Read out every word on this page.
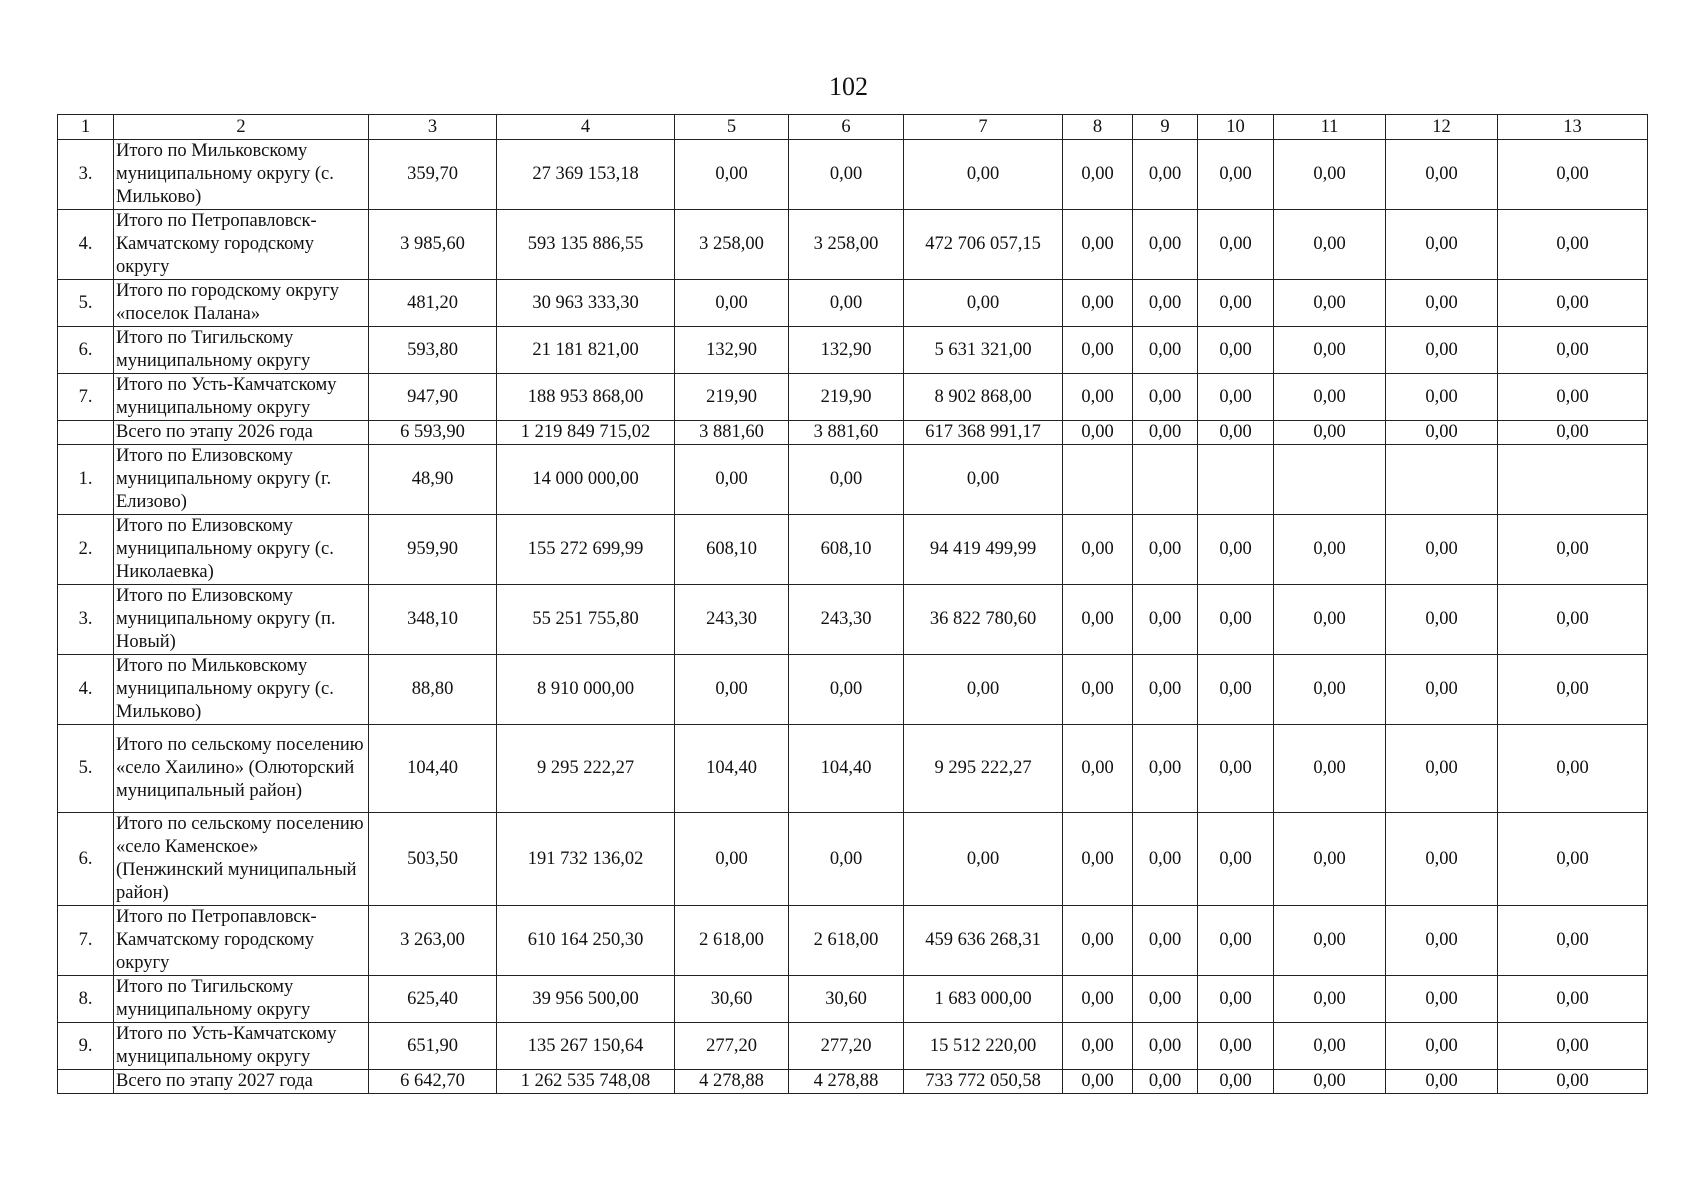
102
1	2	3	4	5	6	7	8	9	10	11	12	13
3.	Итого по Мильковскому муниципальному округу (с. Мильково)	359,70	27 369 153,18	0,00	0,00	0,00	0,00	0,00	0,00	0,00	0,00	0,00
4.	Итого по Петропавловск-Камчатскому городскому округу	3 985,60	593 135 886,55	3 258,00	3 258,00	472 706 057,15	0,00	0,00	0,00	0,00	0,00	0,00
5.	Итого по городскому округу «поселок Палана»	481,20	30 963 333,30	0,00	0,00	0,00	0,00	0,00	0,00	0,00	0,00	0,00
6.	Итого по Тигильскому муниципальному округу	593,80	21 181 821,00	132,90	132,90	5 631 321,00	0,00	0,00	0,00	0,00	0,00	0,00
7.	Итого по Усть-Камчатскому муниципальному округу	947,90	188 953 868,00	219,90	219,90	8 902 868,00	0,00	0,00	0,00	0,00	0,00	0,00
	Всего по этапу 2026 года	6 593,90	1 219 849 715,02	3 881,60	3 881,60	617 368 991,17	0,00	0,00	0,00	0,00	0,00	0,00
1.	Итого по Елизовскому муниципальному округу (г. Елизово)	48,90	14 000 000,00	0,00	0,00	0,00						
2.	Итого по Елизовскому муниципальному округу (с. Николаевка)	959,90	155 272 699,99	608,10	608,10	94 419 499,99	0,00	0,00	0,00	0,00	0,00	0,00
3.	Итого по Елизовскому муниципальному округу (п. Новый)	348,10	55 251 755,80	243,30	243,30	36 822 780,60	0,00	0,00	0,00	0,00	0,00	0,00
4.	Итого по Мильковскому муниципальному округу (с. Мильково)	88,80	8 910 000,00	0,00	0,00	0,00	0,00	0,00	0,00	0,00	0,00	0,00
5.	Итого по сельскому поселению «село Хаилино» (Олюторский муниципальный район)	104,40	9 295 222,27	104,40	104,40	9 295 222,27	0,00	0,00	0,00	0,00	0,00	0,00
6.	Итого по сельскому поселению «село Каменское» (Пенжинский муниципальный район)	503,50	191 732 136,02	0,00	0,00	0,00	0,00	0,00	0,00	0,00	0,00	0,00
7.	Итого по Петропавловск-Камчатскому городскому округу	3 263,00	610 164 250,30	2 618,00	2 618,00	459 636 268,31	0,00	0,00	0,00	0,00	0,00	0,00
8.	Итого по Тигильскому муниципальному округу	625,40	39 956 500,00	30,60	30,60	1 683 000,00	0,00	0,00	0,00	0,00	0,00	0,00
9.	Итого по Усть-Камчатскому муниципальному округу	651,90	135 267 150,64	277,20	277,20	15 512 220,00	0,00	0,00	0,00	0,00	0,00	0,00
	Всего по этапу 2027 года	6 642,70	1 262 535 748,08	4 278,88	4 278,88	733 772 050,58	0,00	0,00	0,00	0,00	0,00	0,00
